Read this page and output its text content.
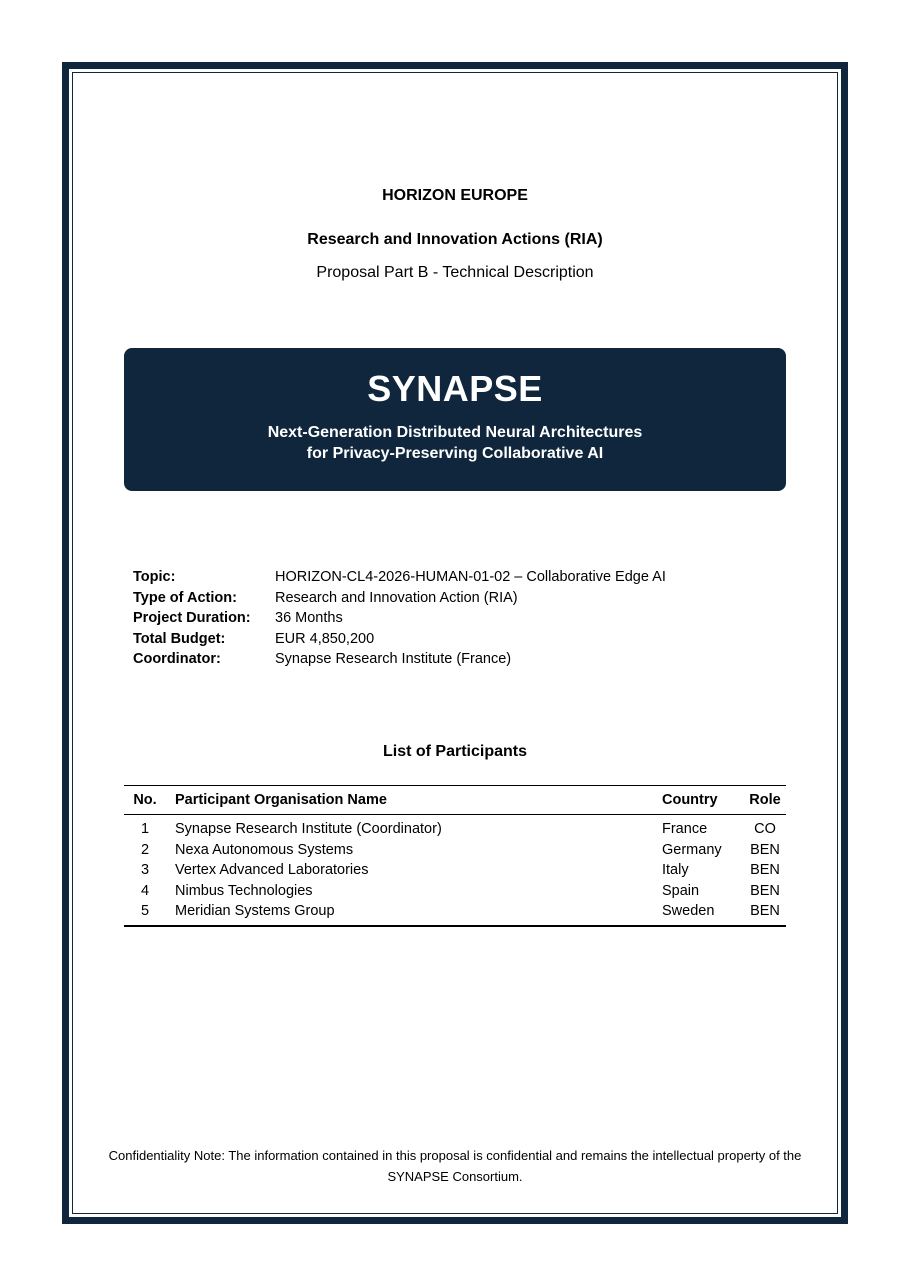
HORIZON EUROPE
Research and Innovation Actions (RIA)
Proposal Part B - Technical Description
SYNAPSE
Next-Generation Distributed Neural Architectures
for Privacy-Preserving Collaborative AI
Topic:	HORIZON-CL4-2026-HUMAN-01-02 – Collaborative Edge AI
Type of Action:	Research and Innovation Action (RIA)
Project Duration:	36 Months
Total Budget:	EUR 4,850,200
Coordinator:	Synapse Research Institute (France)
List of Participants
No.	Participant Organisation Name	Country	Role
1	Synapse Research Institute (Coordinator)	France	CO
2	Nexa Autonomous Systems	Germany	BEN
3	Vertex Advanced Laboratories	Italy	BEN
4	Nimbus Technologies	Spain	BEN
5	Meridian Systems Group	Sweden	BEN
Confidentiality Note: The information contained in this proposal is confidential and remains the intellectual property of the
SYNAPSE Consortium.
